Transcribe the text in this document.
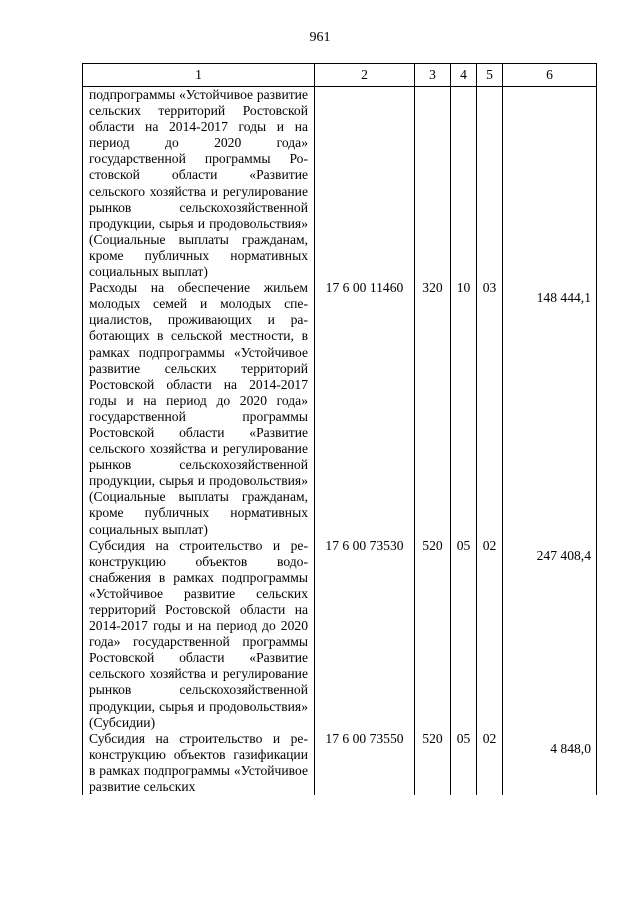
961
1	2	3	4	5	6
подпрограммы «Устойчивое развитие сельских территорий Ростовской области на 2014-2017 годы и на период до 2020 года» государственной программы Ростовской области «Развитие сельского хозяйства и регулирование рынков сельскохозяйственной продукции, сырья и продовольствия» (Социальные выплаты гражданам, кроме публичных нормативных социальных выплат)					
Расходы на обеспечение жильем молодых семей и молодых специалистов, проживающих и работающих в сельской местности, в рамках подпрограммы «Устойчивое развитие сельских территорий Ростовской области на 2014-2017 годы и на период до 2020 года» государственной программы Ростовской области «Развитие сельского хозяйства и регулирование рынков сельскохозяйственной продукции, сырья и продовольствия» (Социальные выплаты гражданам, кроме публичных нормативных социальных выплат)	17 6 00 11460	320	10	03	148 444,1
Субсидия на строительство и реконструкцию объектов водоснабжения в рамках подпрограммы «Устойчивое развитие сельских территорий Ростовской области на 2014-2017 годы и на период до 2020 года» государственной программы Ростовской области «Развитие сельского хозяйства и регулирование рынков сельскохозяйственной продукции, сырья и продовольствия» (Субсидии)	17 6 00 73530	520	05	02	247 408,4
Субсидия на строительство и реконструкцию объектов газификации в рамках подпрограммы «Устойчивое развитие сельских	17 6 00 73550	520	05	02	4 848,0
